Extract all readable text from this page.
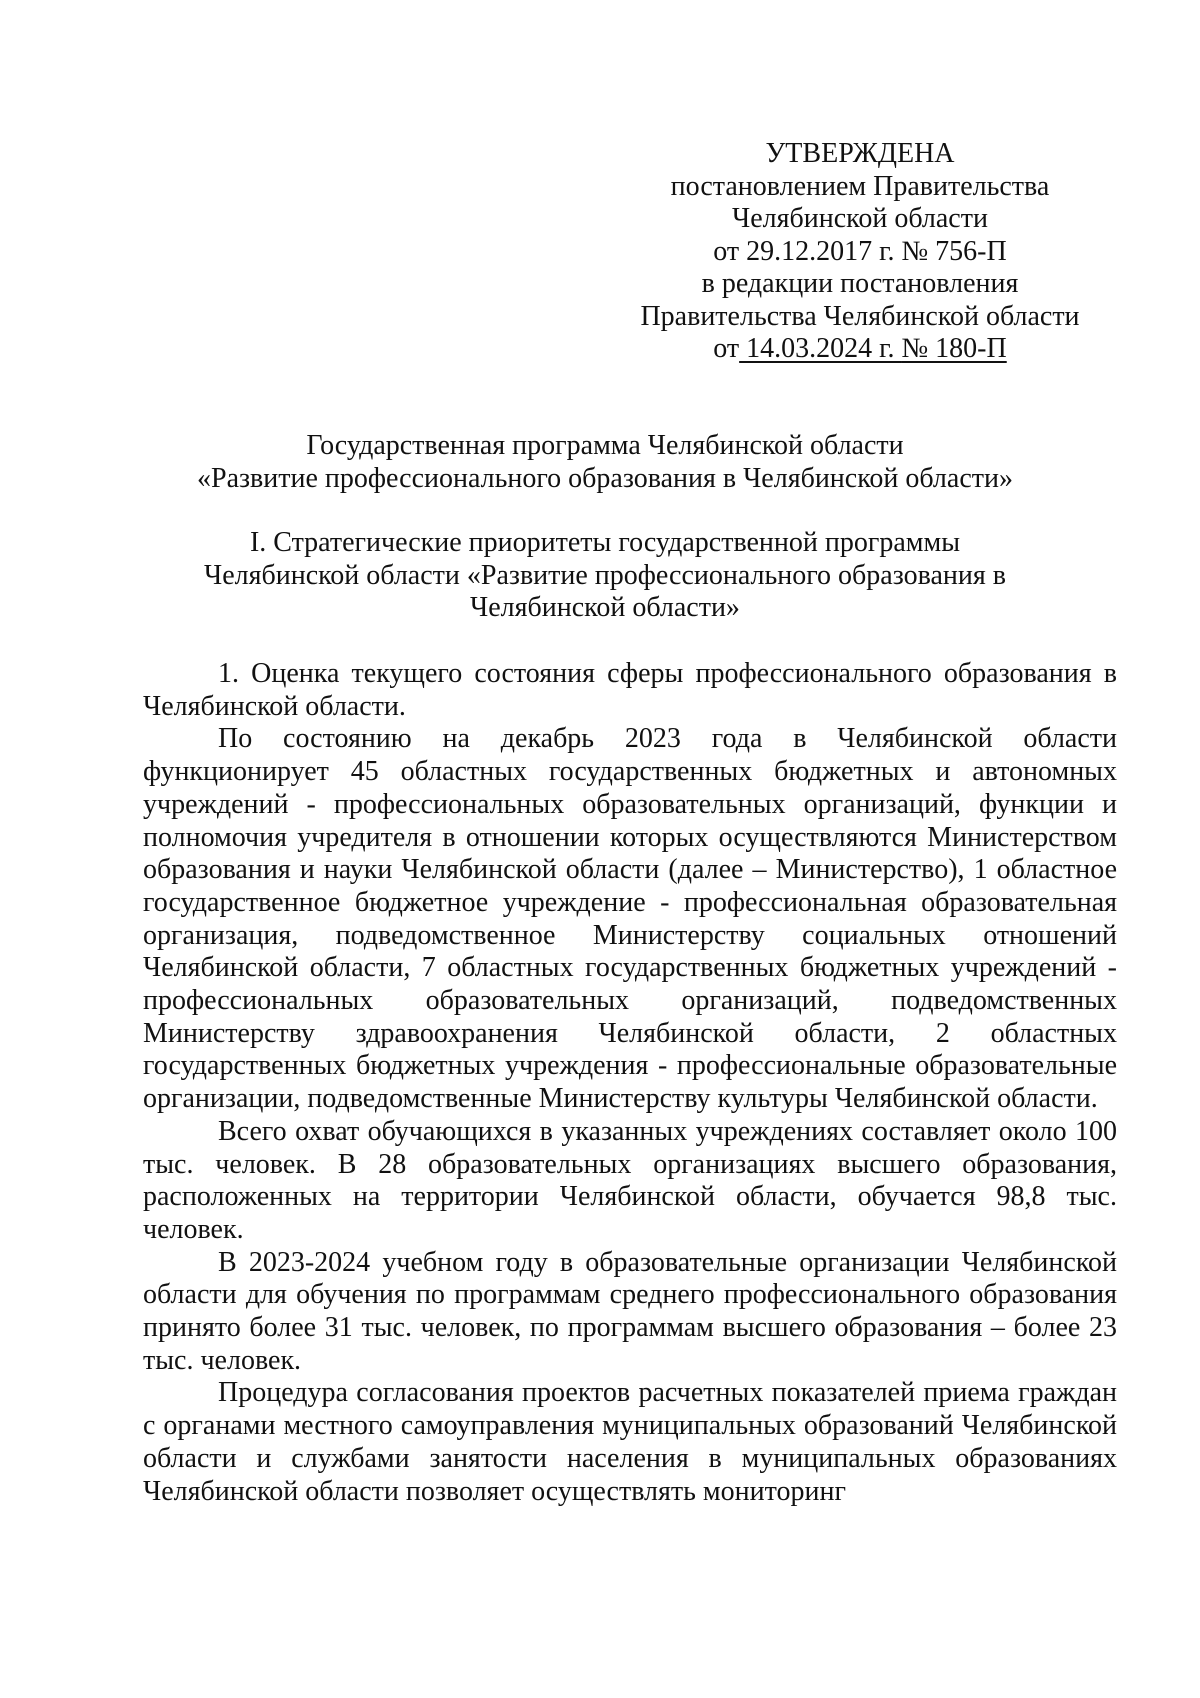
УТВЕРЖДЕНА
постановлением Правительства
Челябинской области
от 29.12.2017 г. № 756-П
в редакции постановления
Правительства Челябинской области
от 14.03.2024 г. № 180-П
Государственная программа Челябинской области
«Развитие профессионального образования в Челябинской области»
I. Стратегические приоритеты государственной программы
Челябинской области «Развитие профессионального образования в
Челябинской области»

1. Оценка текущего состояния сферы профессионального образования в Челябинской области.

По состоянию на декабрь 2023 года в Челябинской области функционирует 45 областных государственных бюджетных и автономных учреждений - профессиональных образовательных организаций, функции и полномочия учредителя в отношении которых осуществляются Министерством образования и науки Челябинской области (далее – Министерство), 1 областное государственное бюджетное учреждение - профессиональная образовательная организация, подведомственное Министерству социальных отношений Челябинской области, 7 областных государственных бюджетных учреждений - профессиональных образовательных организаций, подведомственных Министерству здравоохранения Челябинской области, 2 областных государственных бюджетных учреждения - профессиональные образовательные организации, подведомственные Министерству культуры Челябинской области.

Всего охват обучающихся в указанных учреждениях составляет около 100 тыс. человек. В 28 образовательных организациях высшего образования, расположенных на территории Челябинской области, обучается 98,8 тыс. человек.

В 2023-2024 учебном году в образовательные организации Челябинской области для обучения по программам среднего профессионального образования принято более 31 тыс. человек, по программам высшего образования – более 23 тыс. человек.

Процедура согласования проектов расчетных показателей приема граждан с органами местного самоуправления муниципальных образований Челябинской области и службами занятости населения в муниципальных образованиях Челябинской области позволяет осуществлять мониторинг
